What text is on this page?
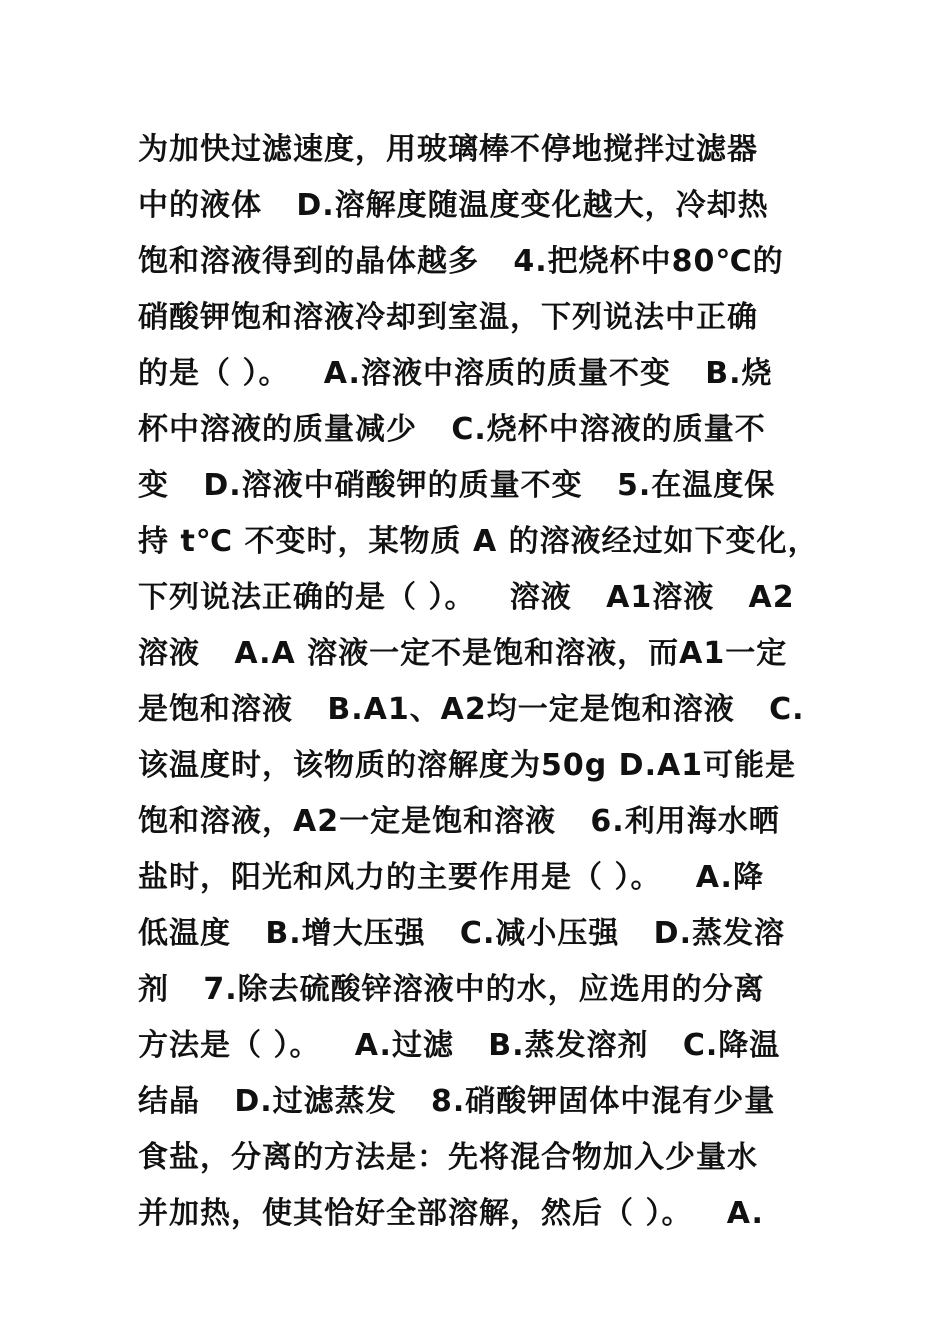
为加快过滤速度，用玻璃棒不停地搅拌过滤器
中的液体   D.溶解度随温度变化越大，冷却热
饱和溶液得到的晶体越多   4.把烧杯中80℃的
硝酸钾饱和溶液冷却到室温，下列说法中正确
的是（ ）。   A.溶液中溶质的质量不变   B.烧
杯中溶液的质量减少   C.烧杯中溶液的质量不
变   D.溶液中硝酸钾的质量不变   5.在温度保
持 t℃ 不变时，某物质 A 的溶液经过如下变化，
下列说法正确的是（ ）。   溶液   A1溶液   A2
溶液   A.A 溶液一定不是饱和溶液，而A1一定
是饱和溶液   B.A1、A2均一定是饱和溶液   C.
该温度时，该物质的溶解度为50g D.A1可能是
饱和溶液，A2一定是饱和溶液   6.利用海水晒
盐时，阳光和风力的主要作用是（ ）。   A.降
低温度   B.增大压强   C.减小压强   D.蒸发溶
剂   7.除去硫酸锌溶液中的水，应选用的分离
方法是（ ）。   A.过滤   B.蒸发溶剂   C.降温
结晶   D.过滤蒸发   8.硝酸钾固体中混有少量
食盐，分离的方法是：先将混合物加入少量水
并加热，使其恰好全部溶解，然后（ ）。   A.
